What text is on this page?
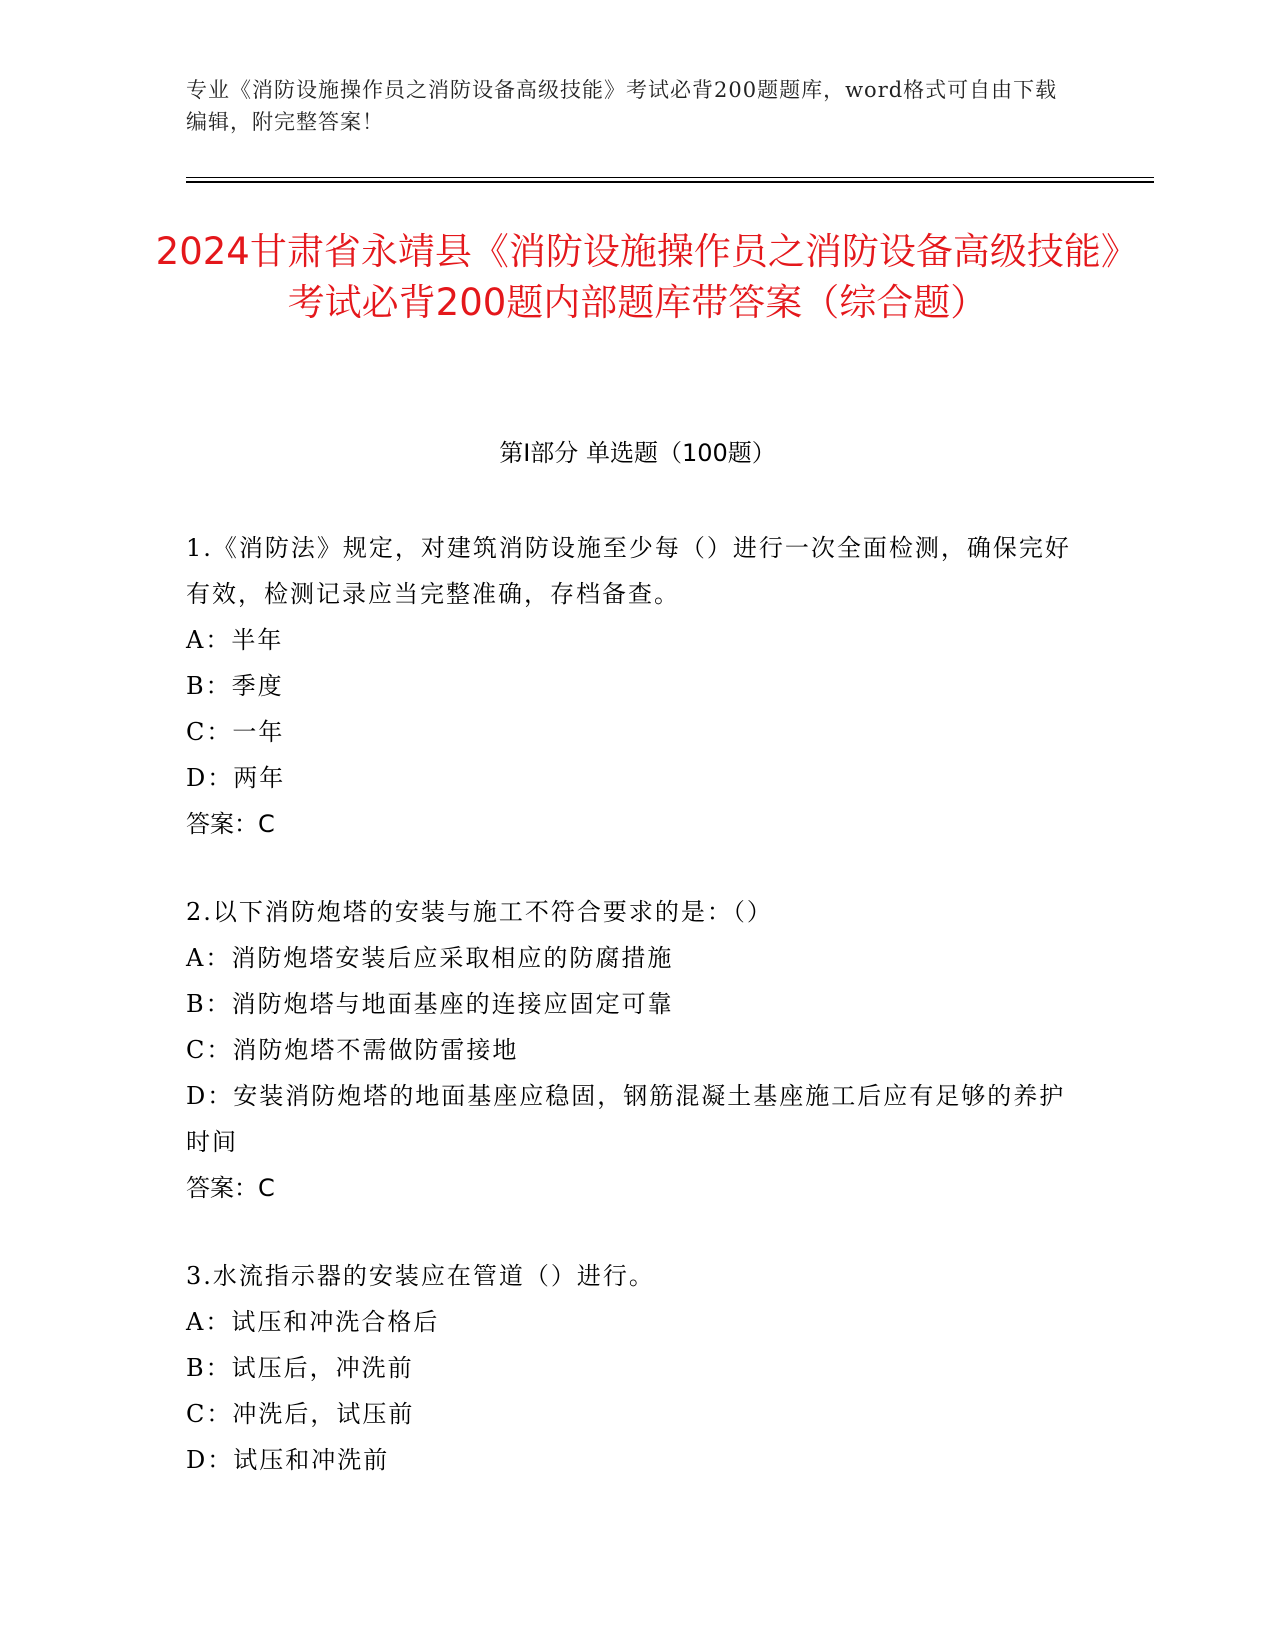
专业《消防设施操作员之消防设备高级技能》考试必背200题题库，word格式可自由下载编辑，附完整答案！
2024甘肃省永靖县《消防设施操作员之消防设备高级技能》考试必背200题内部题库带答案（综合题）
第I部分 单选题（100题）

1.《消防法》规定，对建筑消防设施至少每（）进行一次全面检测，确保完好有效，检测记录应当完整准确，存档备查。

A：半年

B：季度

C：一年

D：两年

答案：C

2.以下消防炮塔的安装与施工不符合要求的是：（）

A：消防炮塔安装后应采取相应的防腐措施

B：消防炮塔与地面基座的连接应固定可靠

C：消防炮塔不需做防雷接地

D：安装消防炮塔的地面基座应稳固，钢筋混凝土基座施工后应有足够的养护时间

答案：C

3.水流指示器的安装应在管道（）进行。

A：试压和冲洗合格后

B：试压后，冲洗前

C：冲洗后，试压前

D：试压和冲洗前
